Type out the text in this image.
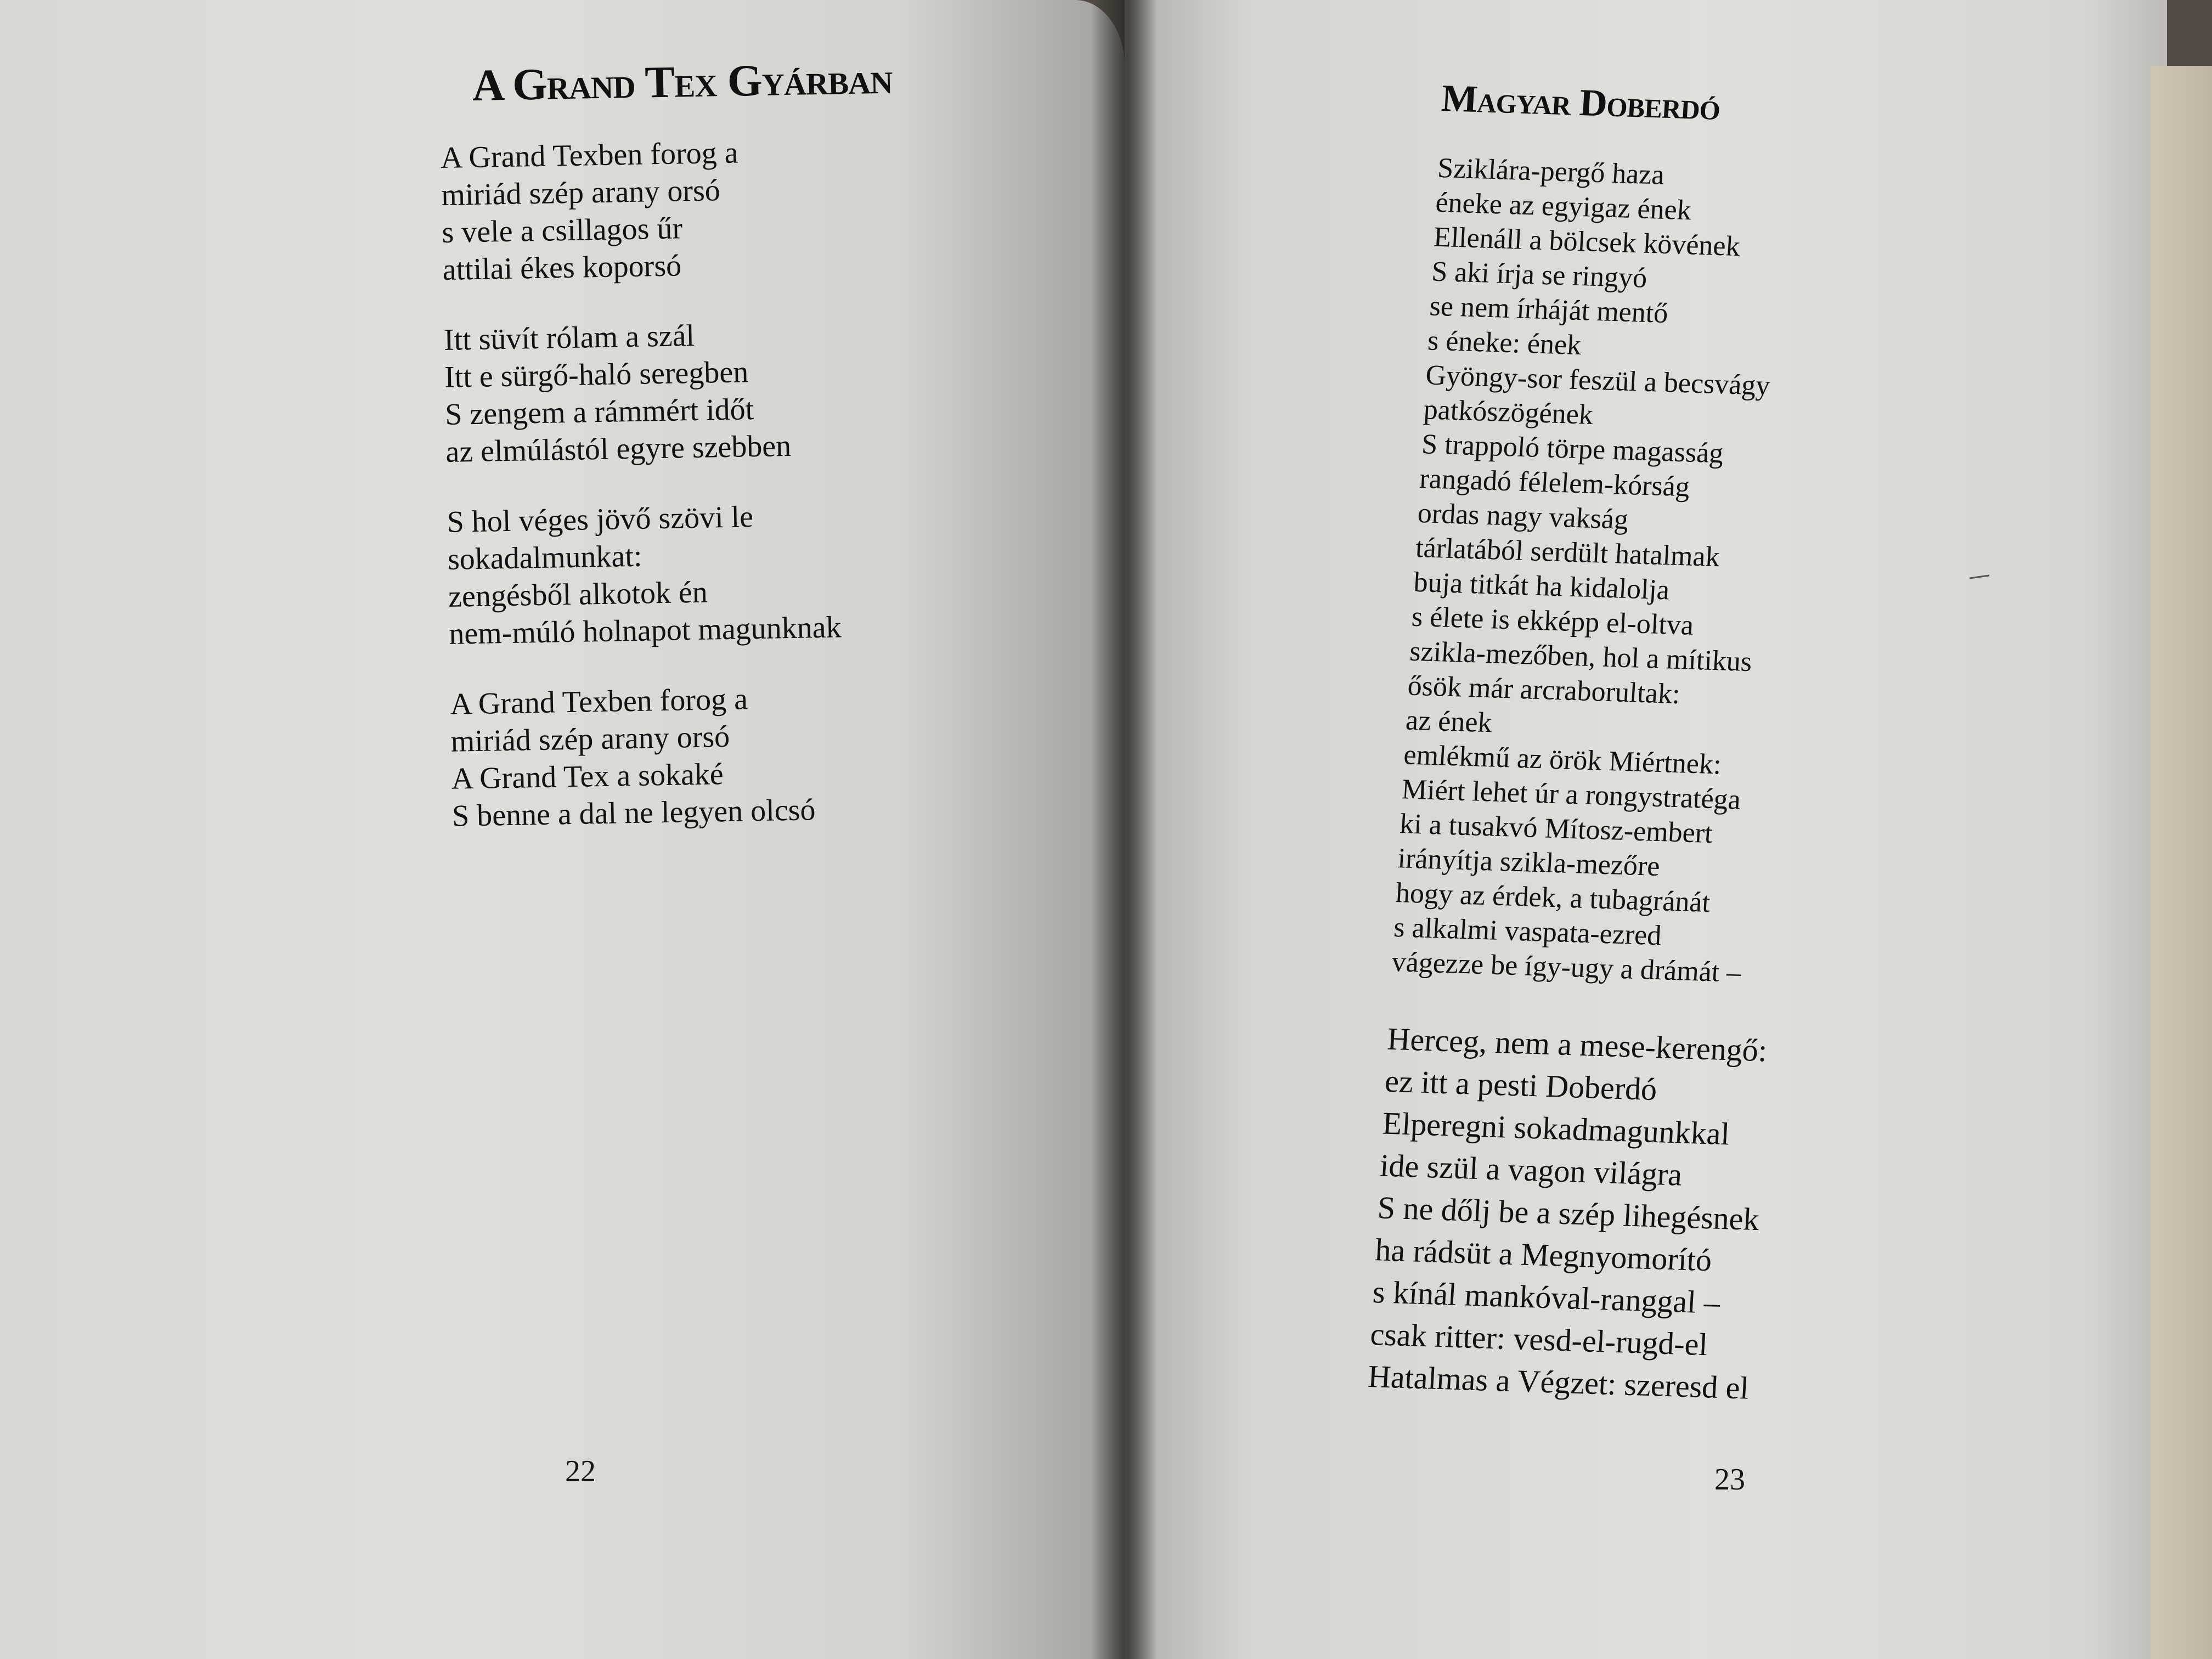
A Grand Tex Gyárban
A Grand Texben forog a
miriád szép arany orsó
s vele a csillagos űr
attilai ékes koporsó
Itt süvít rólam a szál
Itt e sürgő-haló seregben
S zengem a rámmért időt
az elmúlástól egyre szebben
S hol véges jövő szövi le
sokadalmunkat:
zengésből alkotok én
nem-múló holnapot magunknak
A Grand Texben forog a
miriád szép arany orsó
A Grand Tex a sokaké
S benne a dal ne legyen olcsó
22
Magyar Doberdó
Sziklára-pergő haza
éneke az egyigaz ének
Ellenáll a bölcsek kövének
S aki írja se ringyó
se nem írháját mentő
s éneke: ének
Gyöngy-sor feszül a becsvágy
patkószögének
S trappoló törpe magasság
rangadó félelem-kórság
ordas nagy vakság
tárlatából serdült hatalmak
buja titkát ha kidalolja
s élete is ekképp el-oltva
szikla-mezőben, hol a mítikus
ősök már arcraborultak:
az ének
emlékmű az örök Miértnek:
Miért lehet úr a rongystratéga
ki a tusakvó Mítosz-embert
irányítja szikla-mezőre
hogy az érdek, a tubagránát
s alkalmi vaspata-ezred
vágezze be így-ugy a drámát –
Herceg, nem a mese-kerengő:
ez itt a pesti Doberdó
Elperegni sokadmagunkkal
ide szül a vagon világra
S ne dőlj be a szép lihegésnek
ha rádsüt a Megnyomorító
s kínál mankóval-ranggal –
csak ritter: vesd-el-rugd-el
Hatalmas a Végzet: szeresd el
23
